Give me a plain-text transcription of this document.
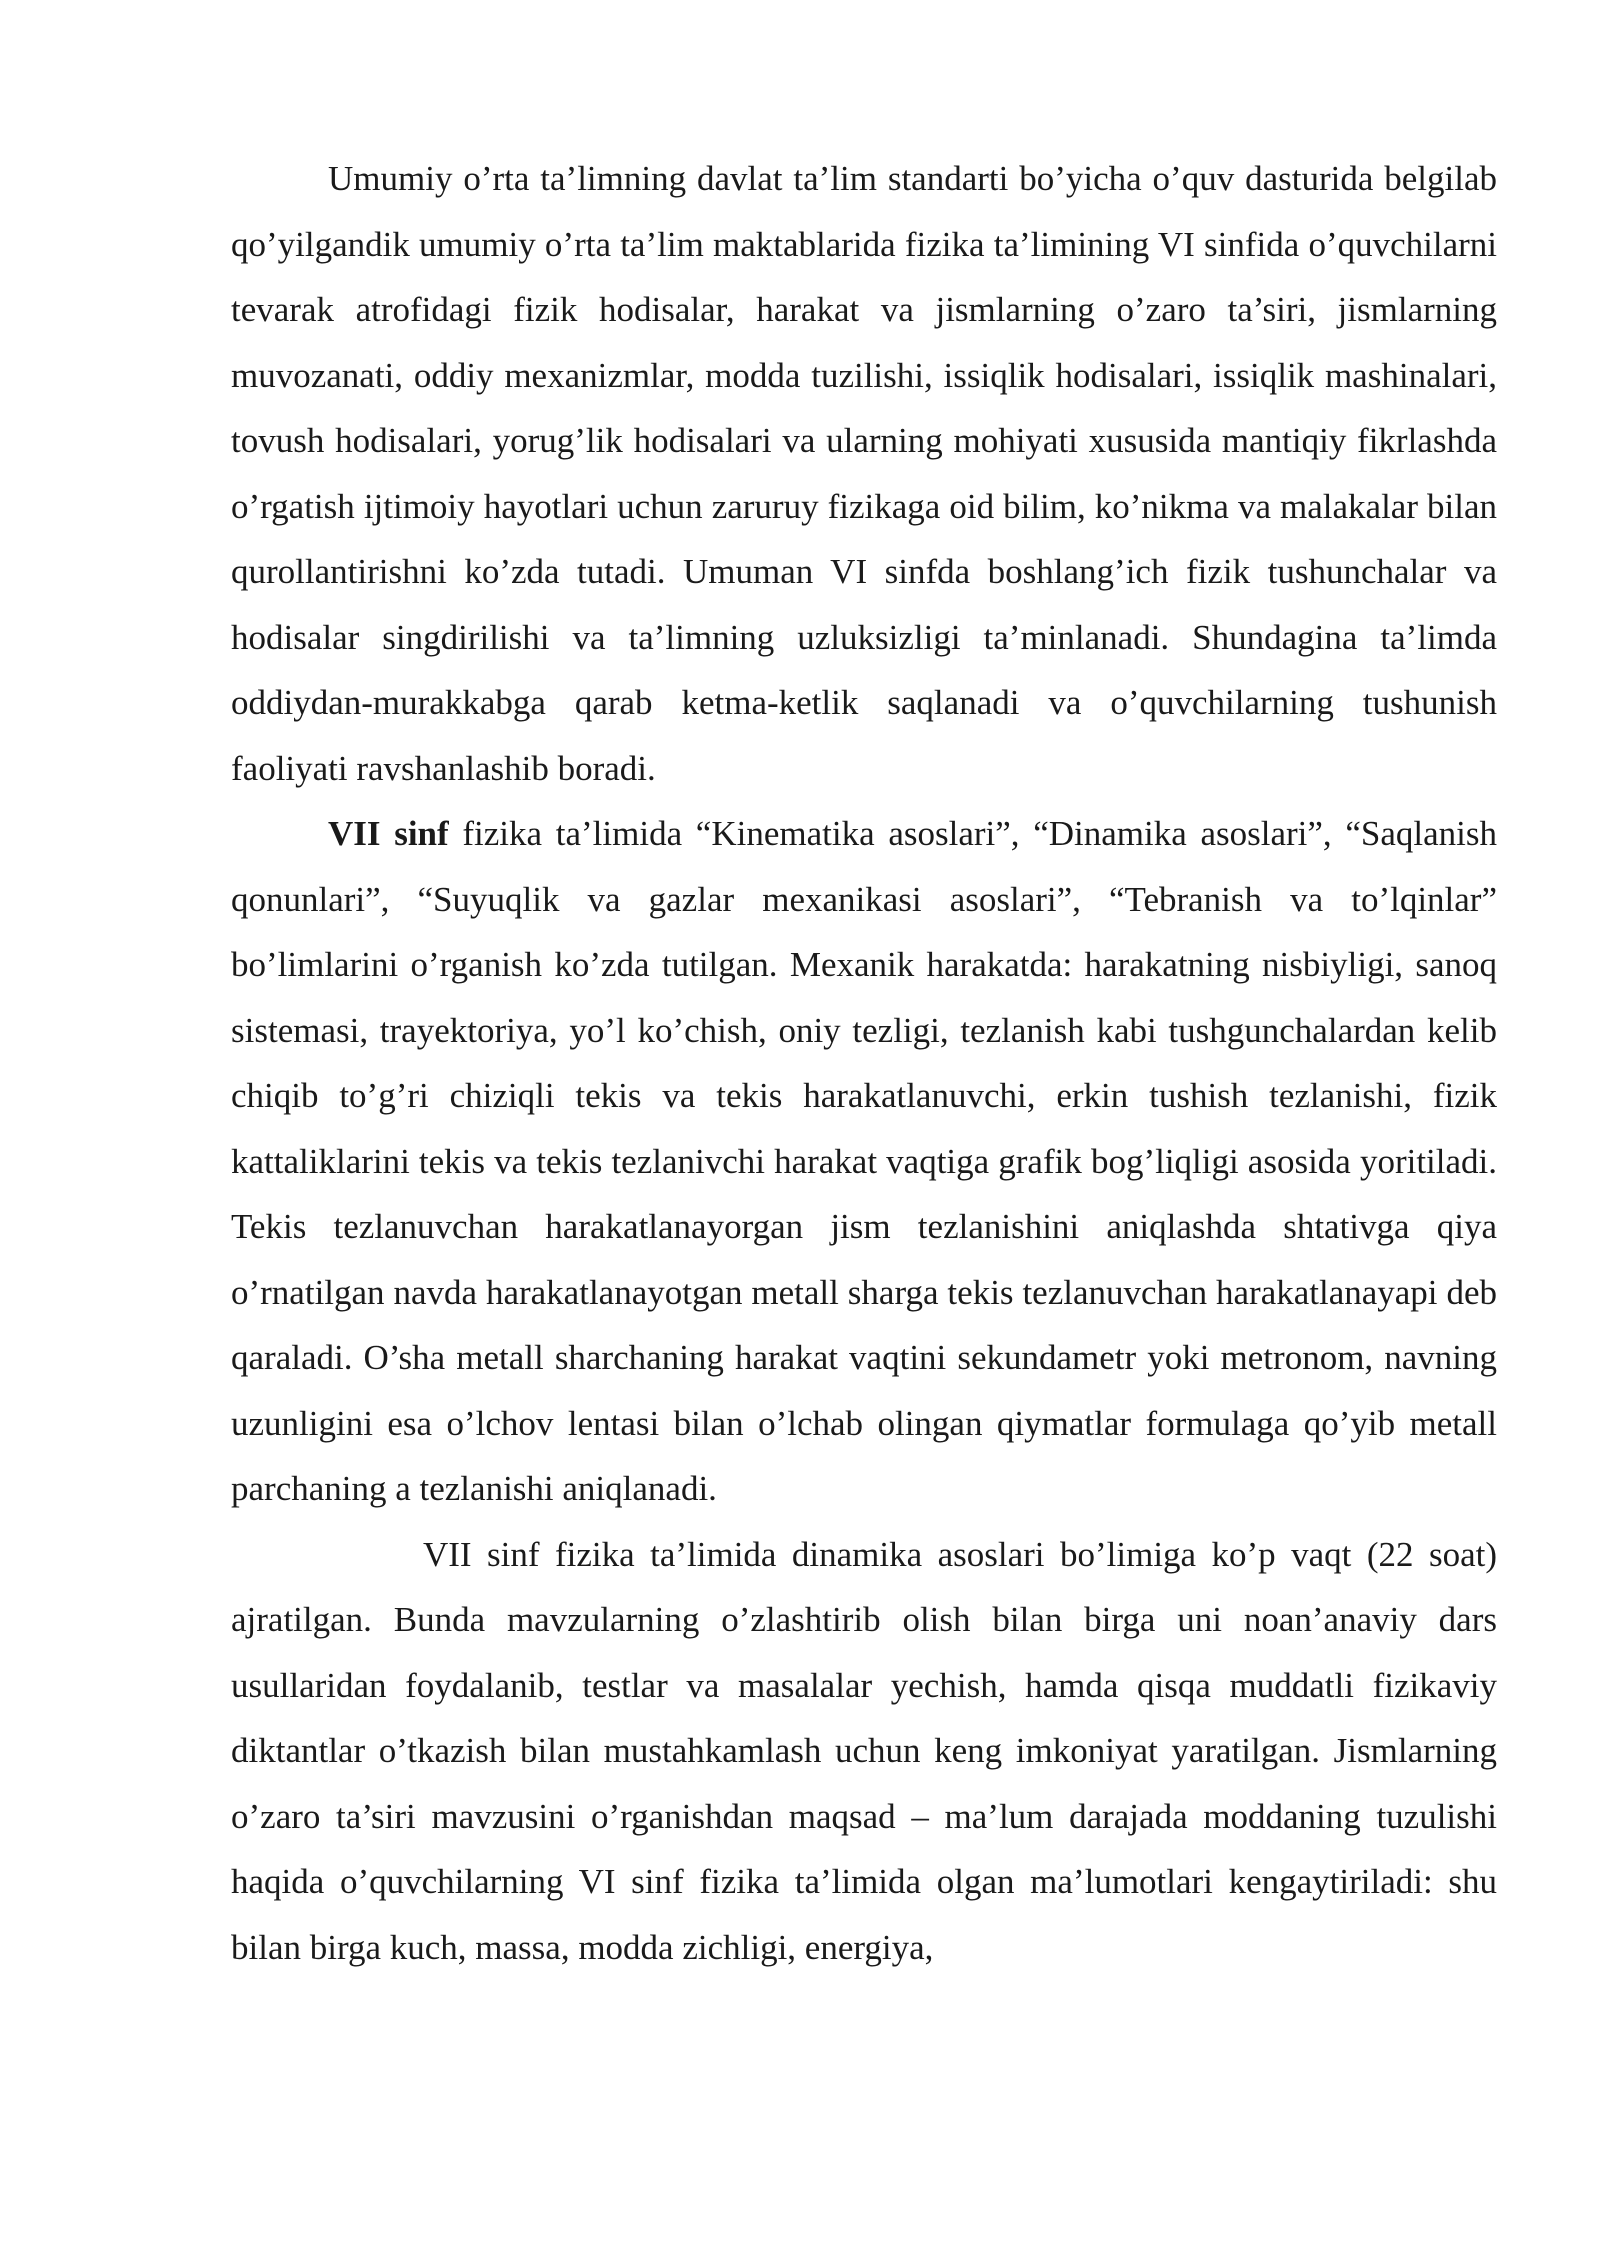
Umumiy o’rta ta’limning davlat ta’lim standarti bo’yicha o’quv dasturida belgilab qo’yilgandik umumiy o’rta ta’lim maktablarida fizika ta’limining VI sinfida o’quvchilarni tevarak atrofidagi fizik hodisalar, harakat va jismlarning o’zaro ta’siri, jismlarning muvozanati, oddiy mexanizmlar, modda tuzilishi, issiqlik hodisalari, issiqlik mashinalari, tovush hodisalari, yorug’lik hodisalari va ularning mohiyati xususida mantiqiy fikrlashda o’rgatish ijtimoiy hayotlari uchun zaruruy fizikaga oid bilim, ko’nikma va malakalar bilan qurollantirishni ko’zda tutadi. Umuman VI sinfda boshlang’ich fizik tushunchalar va hodisalar singdirilishi va ta’limning uzluksizligi ta’minlanadi. Shundagina ta’limda oddiydan-murakkabga qarab ketma-ketlik saqlanadi va o’quvchilarning tushunish faoliyati ravshanlashib boradi.

VII sinf fizika ta’limida “Kinematika asoslari”, “Dinamika asoslari”, “Saqlanish qonunlari”, “Suyuqlik va gazlar mexanikasi asoslari”, “Tebranish va to’lqinlar” bo’limlarini o’rganish ko’zda tutilgan. Mexanik harakatda: harakatning nisbiyligi, sanoq sistemasi, trayektoriya, yo’l ko’chish, oniy tezligi, tezlanish kabi tushgunchalardan kelib chiqib to’g’ri chiziqli tekis va tekis harakatlanuvchi, erkin tushish tezlanishi, fizik kattaliklarini tekis va tekis tezlanivchi harakat vaqtiga grafik bog’liqligi asosida yoritiladi. Tekis tezlanuvchan harakatlanayorgan jism tezlanishini aniqlashda shtativga qiya o’rnatilgan navda harakatlanayotgan metall sharga tekis tezlanuvchan harakatlanayapi deb qaraladi. O’sha metall sharchaning harakat vaqtini sekundametr yoki metronom, navning uzunligini esa o’lchov lentasi bilan o’lchab olingan qiymatlar formulaga qo’yib metall parchaning a tezlanishi aniqlanadi.

VII sinf fizika ta’limida dinamika asoslari bo’limiga ko’p vaqt (22 soat) ajratilgan. Bunda mavzularning o’zlashtirib olish bilan birga uni noan’anaviy dars usullaridan foydalanib, testlar va masalalar yechish, hamda qisqa muddatli fizikaviy diktantlar o’tkazish bilan mustahkamlash uchun keng imkoniyat yaratilgan. Jismlarning o’zaro ta’siri mavzusini o’rganishdan maqsad – ma’lum darajada moddaning tuzulishi haqida o’quvchilarning VI sinf fizika ta’limida olgan ma’lumotlari kengaytiriladi: shu bilan birga kuch, massa, modda zichligi, energiya,
